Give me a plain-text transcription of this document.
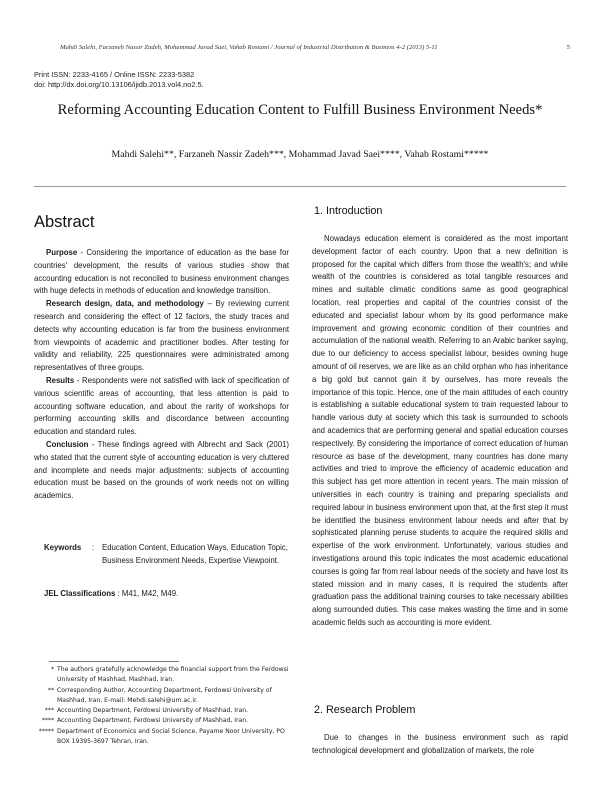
Mahdi Salehi, Farzaneh Nassir Zadeh, Mohammad Javad Saei, Vahab Rostami / Journal of Industrial Distribution & Business 4-2 (2013) 5-11	5
Print ISSN: 2233-4165 / Online ISSN: 2233-5382
doi: http://dx.doi.org/10.13106/ijidb.2013.vol4.no2.5.
Reforming Accounting Education Content to Fulfill Business Environment Needs*
Mahdi Salehi**, Farzaneh Nassir Zadeh***, Mohammad Javad Saei****, Vahab Rostami*****
Abstract

Purpose - Considering the importance of education as the base for countries' development, the results of various studies show that accounting education is not reconciled to business environment changes with huge defects in methods of education and knowledge transition.

Research design, data, and methodology – By reviewing current research and considering the effect of 12 factors, the study traces and detects why accounting education is far from the business environment from viewpoints of academic and practitioner bodies. After testing for validity and reliability, 225 questionnaires were administrated among representatives of three groups.

Results - Respondents were not satisfied with lack of specification of various scientific areas of accounting, that less attention is paid to accounting software education, and about the rarity of workshops for performing accounting skills and discordance between accounting education and standard rules.

Conclusion - These findings agreed with Albrecht and Sack (2001) who stated that the current style of accounting education is very cluttered and incomplete and needs major adjustments: subjects of accounting education must be based on the grounds of work needs not on willing academics.

Keywords	:	Education Content, Education Ways, Education Topic, Business Environment Needs, Expertise Viewpoint.
JEL Classifications : M41, M42, M49.
* The authors gratefully acknowledge the financial support from the Ferdowsi University of Mashhad, Mashhad, Iran.
** Corresponding Author, Accounting Department, Ferdowsi University of Mashhad, Iran, E-mail: Mehdi.salehi@um.ac.ir.
*** Accounting Department, Ferdowsi University of Mashhad, Iran.
**** Accounting Department, Ferdowsi University of Mashhad, Iran.
***** Department of Economics and Social Science, Payame Noor University, PO BOX 19395-3697 Tehran, Iran.
1. Introduction

Nowadays education element is considered as the most important development factor of each country. Upon that a new definition is proposed for the capital which differs from those the wealth's; and while wealth of the countries is considered as total tangible resources and mines and suitable climatic conditions same as good geographical location, real properties and capital of the countries consist of the educated and specialist labour whom by its good performance make improvement and growing economic condition of their countries and accumulation of the national wealth. Referring to an Arabic banker saying, due to our deficiency to access specialist labour, besides owning huge amount of oil reserves, we are like as an child orphan who has inheritance a big gold but cannot gain it by ourselves, has more reveals the importance of this topic. Hence, one of the main attitudes of each country is establishing a suitable educational system to train requested labour to handle various duty at society which this task is surrounded to schools and academics that are performing general and spatial education courses respectively. By considering the importance of correct education of human resource as base of the development, many countries has done many activities and tried to improve the efficiency of academic education and this subject has get more attention in recent years. The main mission of universities in each country is training and preparing specialists and required labour in business environment upon that, at the first step it must be identified the business environment labour needs and after that by sophisticated planning peruse students to acquire the required skills and expertise of the work environment. Unfortunately, various studies and investigations around this topic indicates the most academic educational courses is going far from real labour needs of the society and have lost its stated mission and in many cases, it is required the students after graduation pass the additional training courses to take necessary abilities along surrounded duties. This case makes wasting the time and in some academic fields such as accounting is more evident.

2. Research Problem

Due to changes in the business environment such as rapid technological development and globalization of markets, the role
